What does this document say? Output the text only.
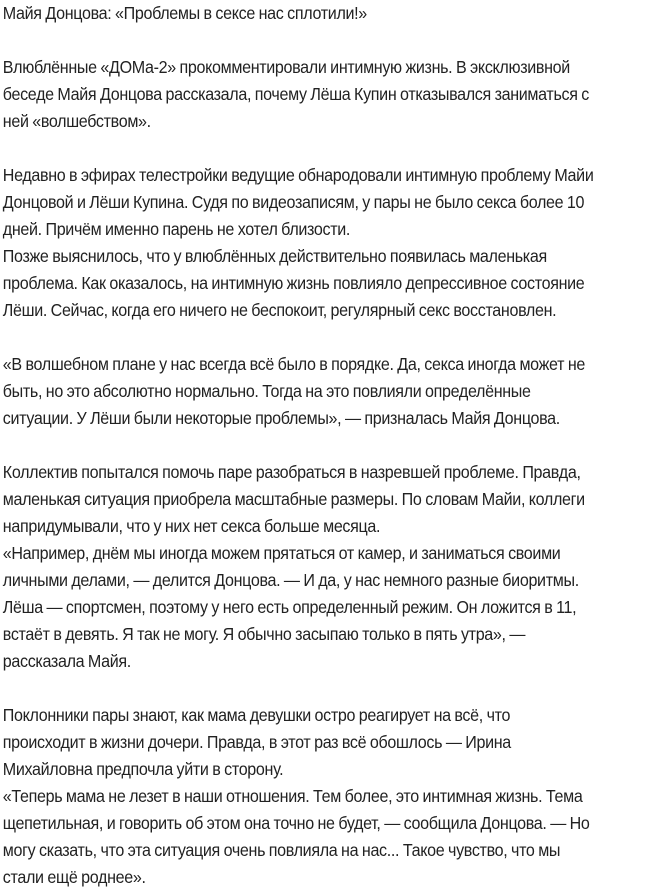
Майя Донцова: «Проблемы в сексе нас сплотили!»

Влюблённые «ДОМа-2» прокомментировали интимную жизнь. В эксклюзивной
беседе Майя Донцова рассказала, почему Лёша Купин отказывался заниматься с
ней «волшебством».

Недавно в эфирах телестройки ведущие обнародовали интимную проблему Майи
Донцовой и Лёши Купина. Судя по видеозаписям, у пары не было секса более 10
дней. Причём именно парень не хотел близости.

Позже выяснилось, что у влюблённых действительно появилась маленькая
проблема. Как оказалось, на интимную жизнь повлияло депрессивное состояние
Лёши. Сейчас, когда его ничего не беспокоит, регулярный секс восстановлен.

«В волшебном плане у нас всегда всё было в порядке. Да, секса иногда может не
быть, но это абсолютно нормально. Тогда на это повлияли определённые
ситуации. У Лёши были некоторые проблемы», — призналась Майя Донцова.

Коллектив попытался помочь паре разобраться в назревшей проблеме. Правда,
маленькая ситуация приобрела масштабные размеры. По словам Майи, коллеги
напридумывали, что у них нет секса больше месяца.

«Например, днём мы иногда можем прятаться от камер, и заниматься своими
личными делами, — делится Донцова. — И да, у нас немного разные биоритмы.
Лёша — спортсмен, поэтому у него есть определенный режим. Он ложится в 11,
встаёт в девять. Я так не могу. Я обычно засыпаю только в пять утра», —
рассказала Майя.

Поклонники пары знают, как мама девушки остро реагирует на всё, что
происходит в жизни дочери. Правда, в этот раз всё обошлось — Ирина
Михайловна предпочла уйти в сторону.

«Теперь мама не лезет в наши отношения. Тем более, это интимная жизнь. Тема
щепетильная, и говорить об этом она точно не будет, — сообщила Донцова. — Но
могу сказать, что эта ситуация очень повлияла на нас... Такое чувство, что мы
стали ещё роднее».
